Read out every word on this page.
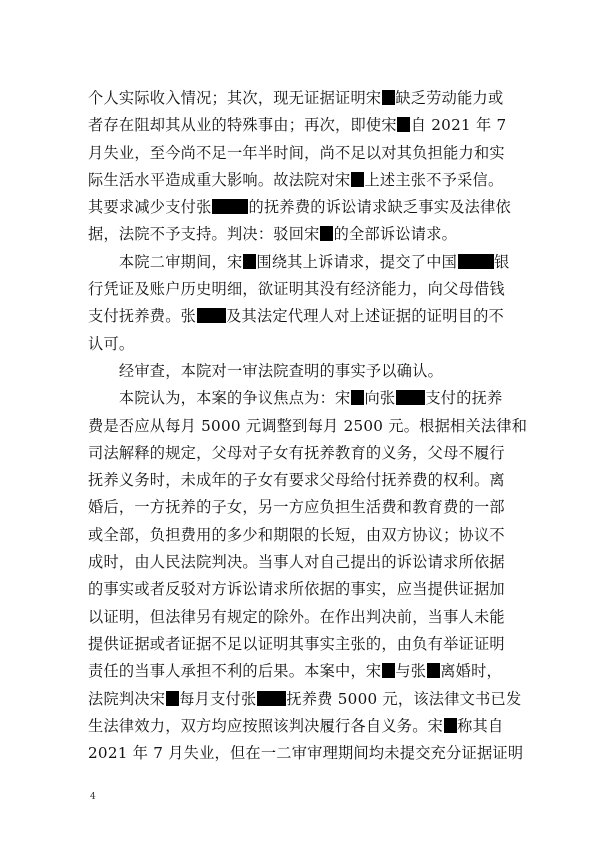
个人实际收入情况；其次，现无证据证明宋 缺乏劳动能力或
者存在阻却其从业的特殊事由；再次，即使宋 自 2021 年 7
月失业，至今尚不足一年半时间，尚不足以对其负担能力和实
际生活水平造成重大影响。故法院对宋 上述主张不予采信。
其要求减少支付张 的抚养费的诉讼请求缺乏事实及法律依
据，法院不予支持。判决：驳回宋 的全部诉讼请求。
　　本院二审期间，宋 围绕其上诉请求，提交了中国 银
行凭证及账户历史明细，欲证明其没有经济能力，向父母借钱
支付抚养费。张 及其法定代理人对上述证据的证明目的不
认可。
　　经审查，本院对一审法院查明的事实予以确认。
　　本院认为，本案的争议焦点为：宋 向张 支付的抚养
费是否应从每月 5000 元调整到每月 2500 元。根据相关法律和
司法解释的规定，父母对子女有抚养教育的义务，父母不履行
抚养义务时，未成年的子女有要求父母给付抚养费的权利。离
婚后，一方抚养的子女，另一方应负担生活费和教育费的一部
或全部，负担费用的多少和期限的长短，由双方协议；协议不
成时，由人民法院判决。当事人对自己提出的诉讼请求所依据
的事实或者反驳对方诉讼请求所依据的事实，应当提供证据加
以证明，但法律另有规定的除外。在作出判决前，当事人未能
提供证据或者证据不足以证明其事实主张的，由负有举证证明
责任的当事人承担不利的后果。本案中，宋 与张 离婚时，
法院判决宋 每月支付张 抚养费 5000 元，该法律文书已发
生法律效力，双方均应按照该判决履行各自义务。宋 称其自
2021 年 7 月失业，但在一二审审理期间均未提交充分证据证明
4
